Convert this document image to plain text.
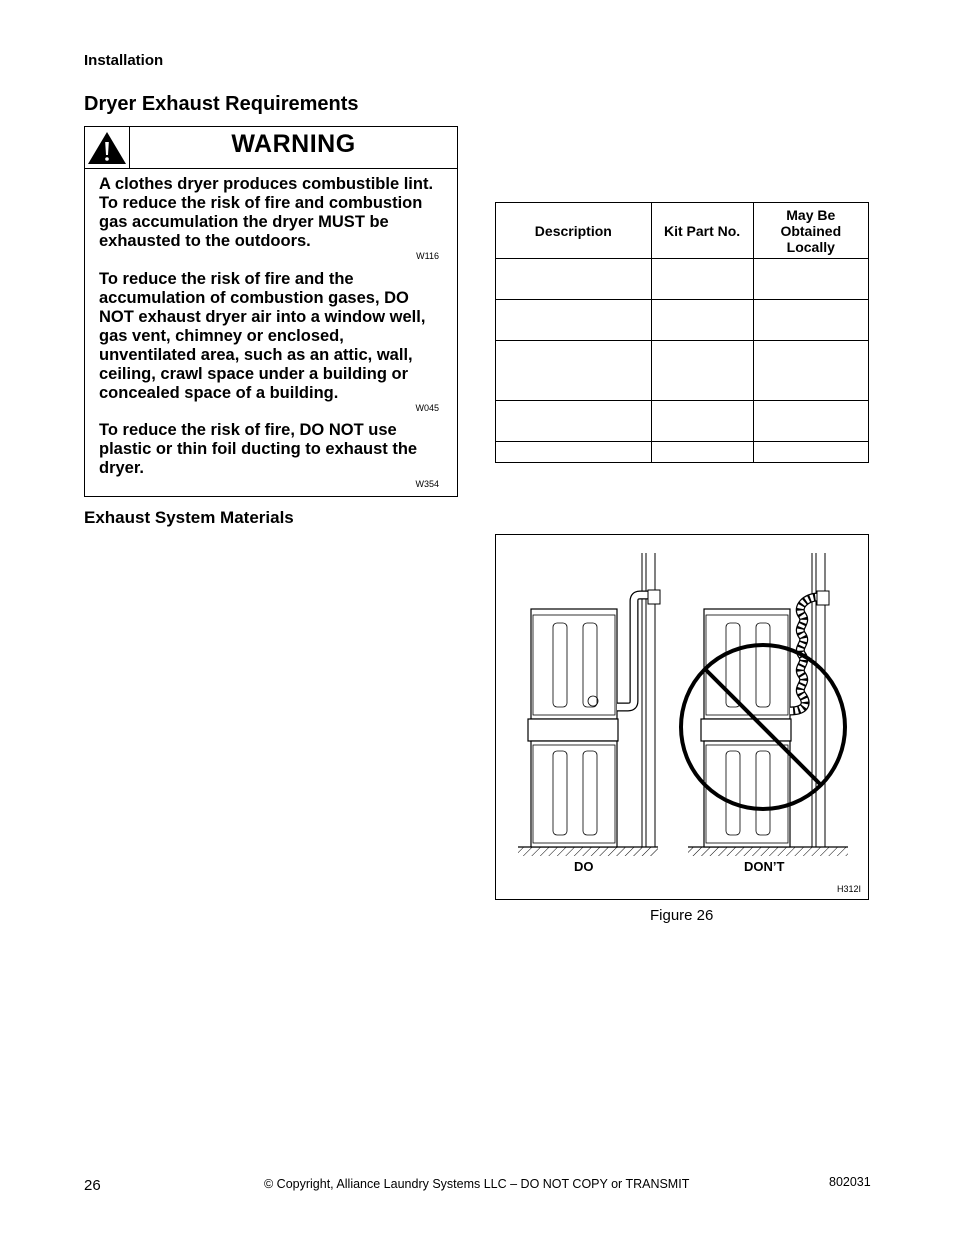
Installation
Dryer Exhaust Requirements
WARNING
A clothes dryer produces combustible lint. To reduce the risk of fire and combustion gas accumulation the dryer MUST be exhausted to the outdoors.
W116
To reduce the risk of fire and the accumulation of combustion gases, DO NOT exhaust dryer air into a window well, gas vent, chimney or enclosed, unventilated area, such as an attic, wall, ceiling, crawl space under a building or concealed space of a building.
W045
To reduce the risk of fire, DO NOT use plastic or thin foil ducting to exhaust the dryer.
W354
Exhaust System Materials
Description	Kit Part No.	May Be Obtained Locally

DO	DON’T
H312I
Figure 26
26	© Copyright, Alliance Laundry Systems LLC – DO NOT COPY or TRANSMIT	802031
